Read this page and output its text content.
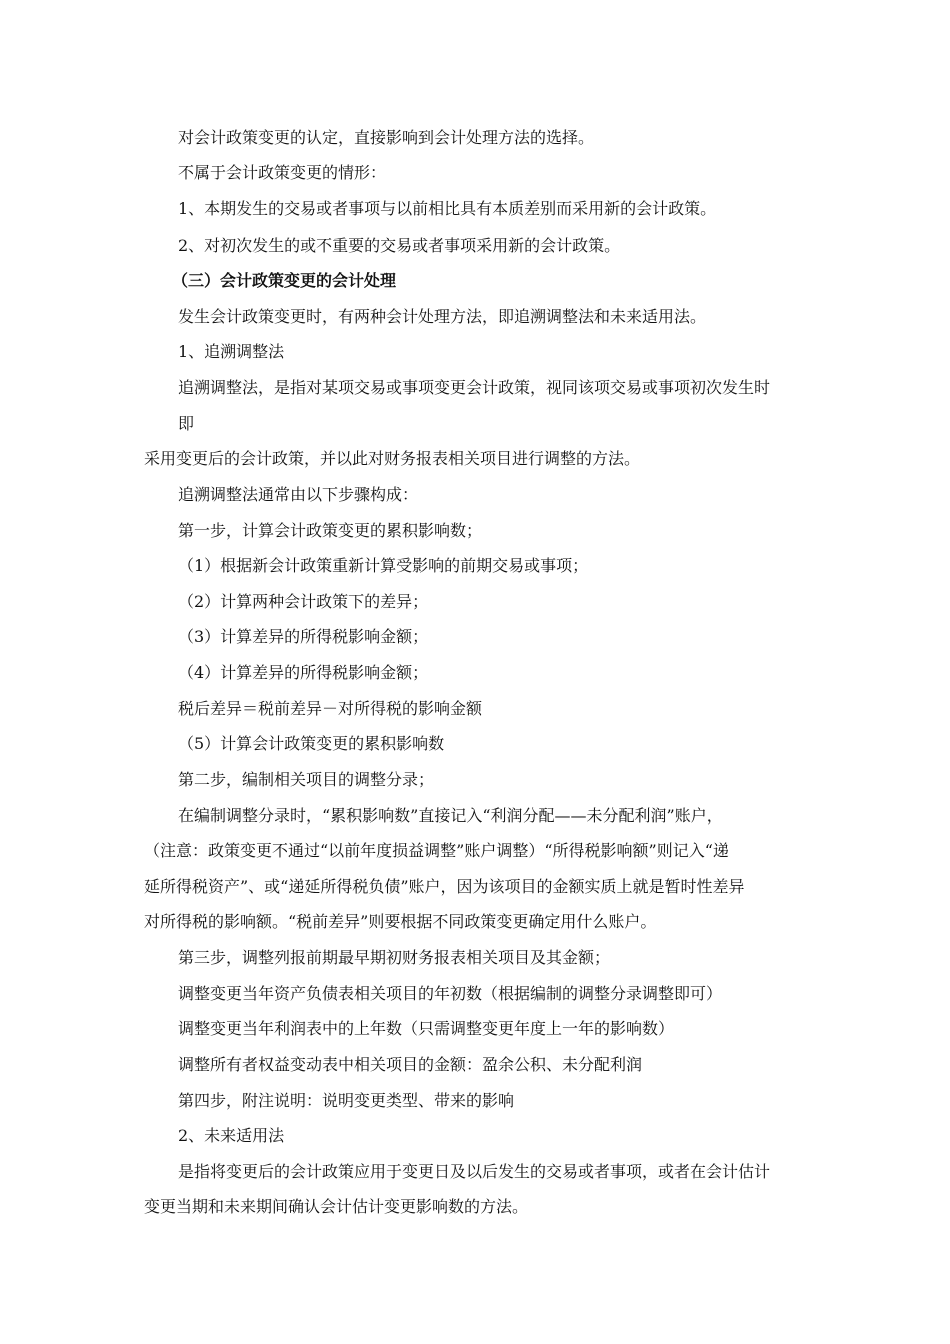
对会计政策变更的认定，直接影响到会计处理方法的选择。
不属于会计政策变更的情形：
1、本期发生的交易或者事项与以前相比具有本质差别而采用新的会计政策。
2、对初次发生的或不重要的交易或者事项采用新的会计政策。
（三）会计政策变更的会计处理
发生会计政策变更时，有两种会计处理方法，即追溯调整法和未来适用法。
1、追溯调整法
追溯调整法，是指对某项交易或事项变更会计政策，视同该项交易或事项初次发生时
即
采用变更后的会计政策，并以此对财务报表相关项目进行调整的方法。
追溯调整法通常由以下步骤构成：
第一步，计算会计政策变更的累积影响数；
（1）根据新会计政策重新计算受影响的前期交易或事项；
（2）计算两种会计政策下的差异；
（3）计算差异的所得税影响金额；
（4）计算差异的所得税影响金额；
税后差异＝税前差异－对所得税的影响金额
（5）计算会计政策变更的累积影响数
第二步，编制相关项目的调整分录；
在编制调整分录时，“累积影响数”直接记入“利润分配——未分配利润”账户，
（注意：政策变更不通过“以前年度损益调整”账户调整）“所得税影响额”则记入“递
延所得税资产”、或“递延所得税负债”账户，因为该项目的金额实质上就是暂时性差异
对所得税的影响额。“税前差异”则要根据不同政策变更确定用什么账户。
第三步，调整列报前期最早期初财务报表相关项目及其金额；
调整变更当年资产负债表相关项目的年初数（根据编制的调整分录调整即可）
调整变更当年利润表中的上年数（只需调整变更年度上一年的影响数）
调整所有者权益变动表中相关项目的金额：盈余公积、未分配利润
第四步，附注说明：说明变更类型、带来的影响
2、未来适用法
是指将变更后的会计政策应用于变更日及以后发生的交易或者事项，或者在会计估计
变更当期和未来期间确认会计估计变更影响数的方法。
